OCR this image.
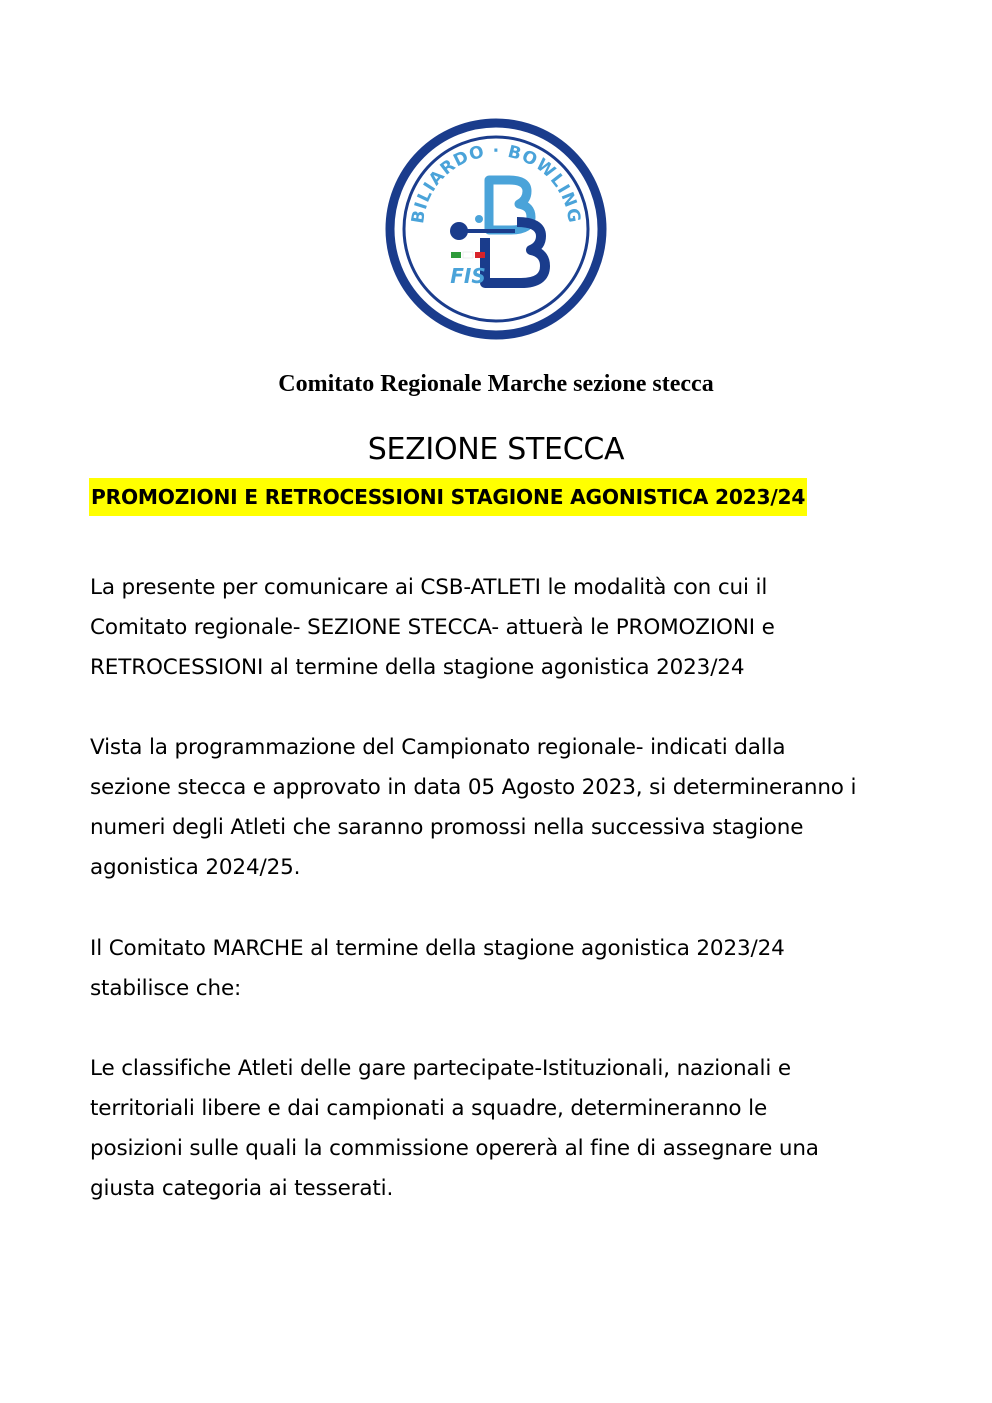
BILIARDO · BOWLING
FIS
Comitato Regionale Marche sezione stecca
SEZIONE STECCA
PROMOZIONI E RETROCESSIONI STAGIONE AGONISTICA 2023/24

La presente per comunicare ai CSB-ATLETI le modalità con cui il
Comitato regionale- SEZIONE STECCA- attuerà le PROMOZIONI e
RETROCESSIONI al termine della stagione agonistica 2023/24

Vista la programmazione del Campionato regionale- indicati dalla
sezione stecca e approvato in data 05 Agosto 2023, si determineranno i
numeri degli Atleti che saranno promossi nella successiva stagione
agonistica 2024/25.

Il Comitato MARCHE al termine della stagione agonistica 2023/24
stabilisce che:

Le classifiche Atleti delle gare partecipate-Istituzionali, nazionali e
territoriali libere e dai campionati a squadre, determineranno le
posizioni sulle quali la commissione opererà al fine di assegnare una
giusta categoria ai tesserati.
